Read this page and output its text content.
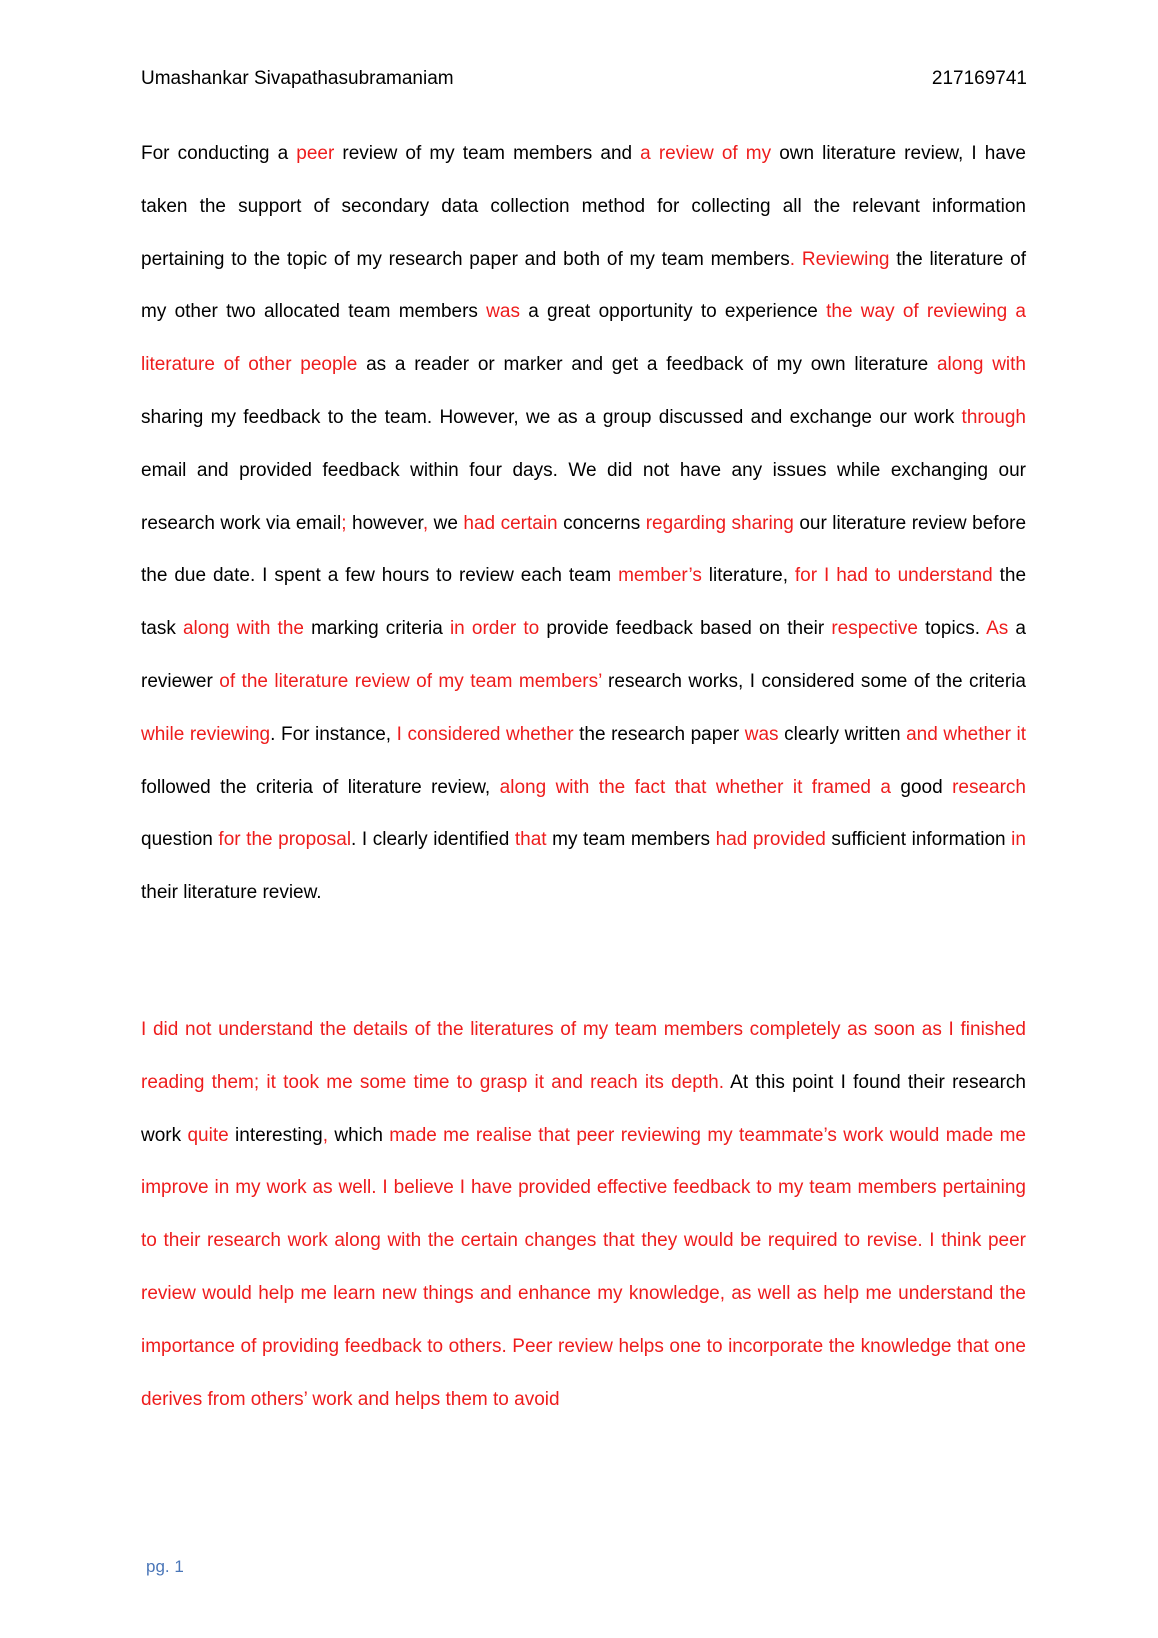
Umashankar Sivapathasubramaniam	217169741

For conducting a peer review of my team members and a review of my own literature review, I have taken the support of secondary data collection method for collecting all the relevant information pertaining to the topic of my research paper and both of my team members. Reviewing the literature of my other two allocated team members was a great opportunity to experience the way of reviewing a literature of other people as a reader or marker and get a feedback of my own literature along with sharing my feedback to the team. However, we as a group discussed and exchange our work through email and provided feedback within four days. We did not have any issues while exchanging our research work via email; however, we had certain concerns regarding sharing our literature review before the due date. I spent a few hours to review each team member’s literature, for I had to understand the task along with the marking criteria in order to provide feedback based on their respective topics. As a reviewer of the literature review of my team members’ research works, I considered some of the criteria while reviewing. For instance, I considered whether the research paper was clearly written and whether it followed the criteria of literature review, along with the fact that whether it framed a good research question for the proposal. I clearly identified that my team members had provided sufficient information in their literature review.

I did not understand the details of the literatures of my team members completely as soon as I finished reading them; it took me some time to grasp it and reach its depth. At this point I found their research work quite interesting, which made me realise that peer reviewing my teammate’s work would made me improve in my work as well. I believe I have provided effective feedback to my team members pertaining to their research work along with the certain changes that they would be required to revise. I think peer review would help me learn new things and enhance my knowledge, as well as help me understand the importance of providing feedback to others. Peer review helps one to incorporate the knowledge that one derives from others’ work and helps them to avoid

pg. 1
